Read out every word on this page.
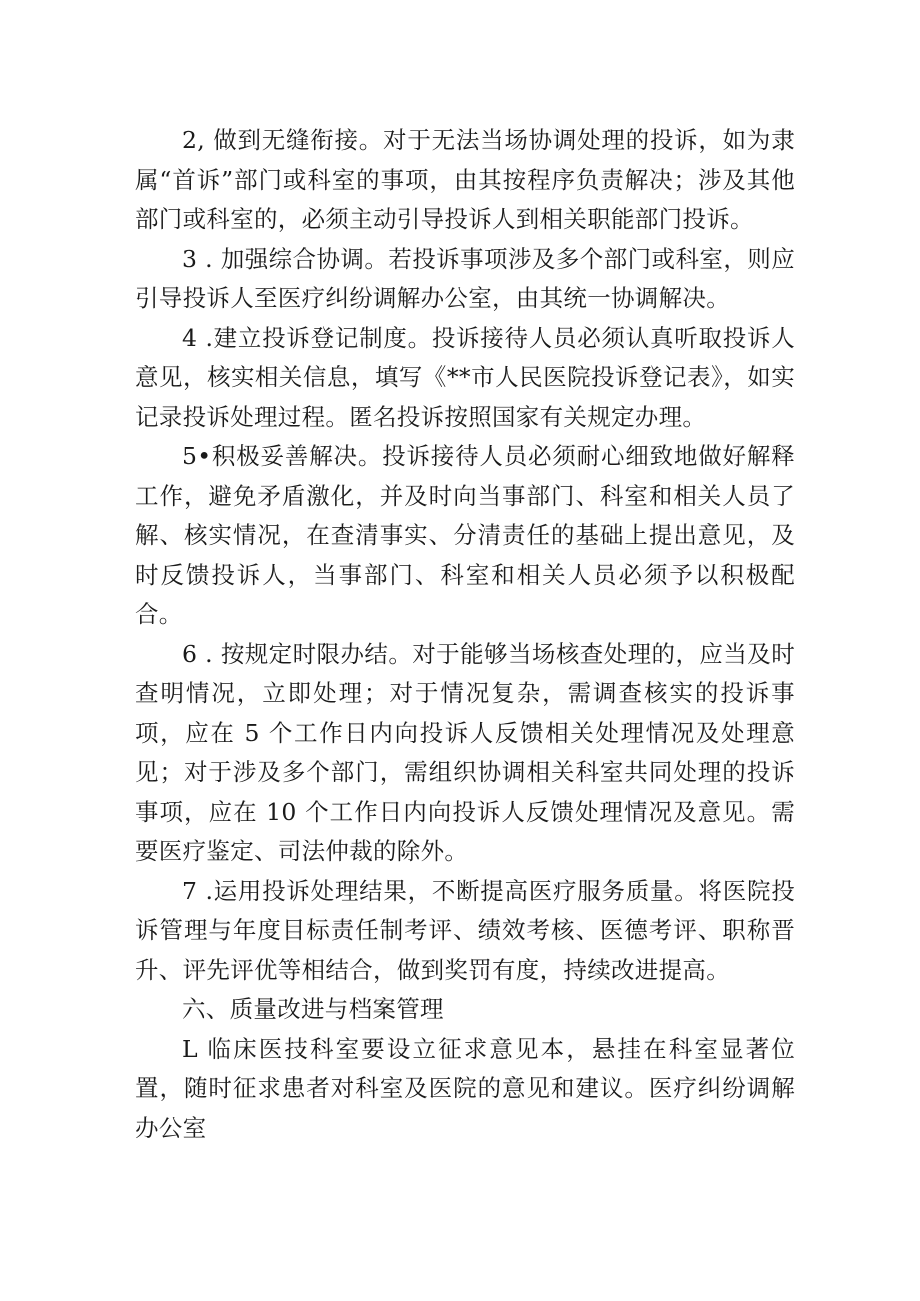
2, 做到无缝衔接。对于无法当场协调处理的投诉，如为隶属“首诉”部门或科室的事项，由其按程序负责解决；涉及其他部门或科室的，必须主动引导投诉人到相关职能部门投诉。

3 . 加强综合协调。若投诉事项涉及多个部门或科室，则应引导投诉人至医疗纠纷调解办公室，由其统一协调解决。

4 .建立投诉登记制度。投诉接待人员必须认真听取投诉人意见，核实相关信息，填写《**市人民医院投诉登记表》，如实记录投诉处理过程。匿名投诉按照国家有关规定办理。

5•积极妥善解决。投诉接待人员必须耐心细致地做好解释工作，避免矛盾激化，并及时向当事部门、科室和相关人员了解、核实情况，在查清事实、分清责任的基础上提出意见，及时反馈投诉人，当事部门、科室和相关人员必须予以积极配合。

6 . 按规定时限办结。对于能够当场核查处理的，应当及时查明情况，立即处理；对于情况复杂，需调查核实的投诉事项，应在 5 个工作日内向投诉人反馈相关处理情况及处理意见；对于涉及多个部门，需组织协调相关科室共同处理的投诉事项，应在 10 个工作日内向投诉人反馈处理情况及意见。需要医疗鉴定、司法仲裁的除外。

7 .运用投诉处理结果，不断提高医疗服务质量。将医院投诉管理与年度目标责任制考评、绩效考核、医德考评、职称晋升、评先评优等相结合，做到奖罚有度，持续改进提高。

六、质量改进与档案管理

L 临床医技科室要设立征求意见本，悬挂在科室显著位置，随时征求患者对科室及医院的意见和建议。医疗纠纷调解办公室
